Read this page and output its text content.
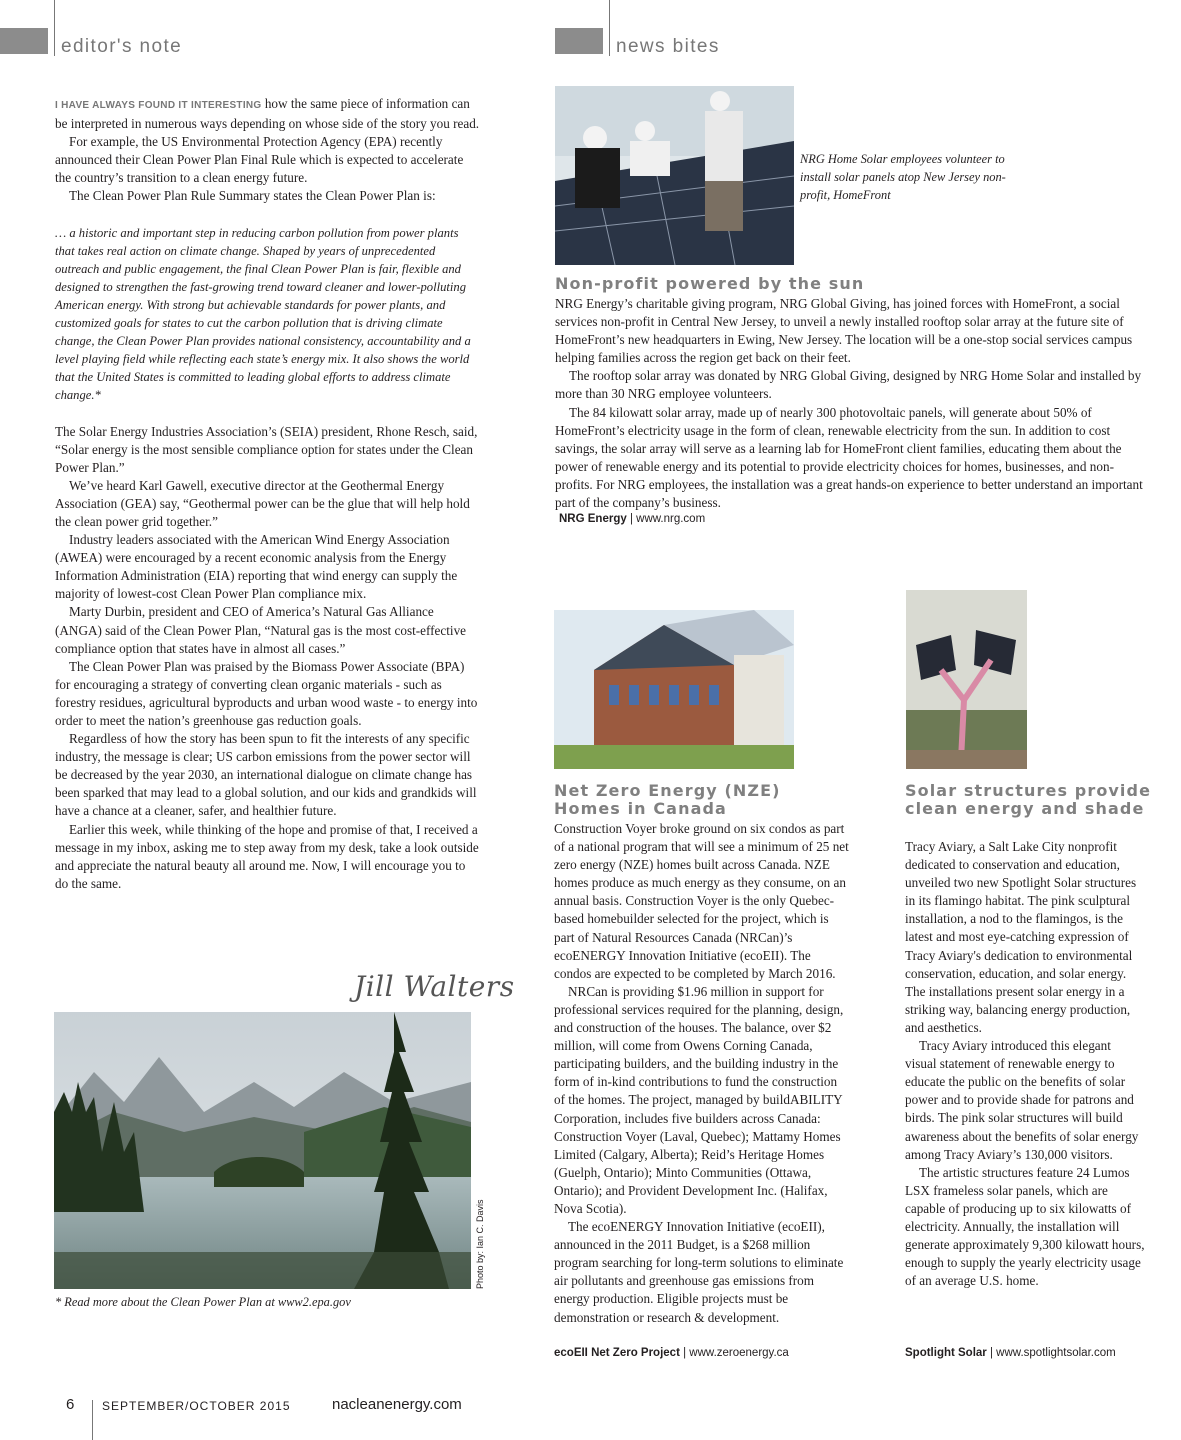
editor's note	news bites

I HAVE ALWAYS FOUND IT INTERESTING how the same piece of information can be interpreted in numerous ways depending on whose side of the story you read.

For example, the US Environmental Protection Agency (EPA) recently announced their Clean Power Plan Final Rule which is expected to accelerate the country’s transition to a clean energy future.

The Clean Power Plan Rule Summary states the Clean Power Plan is:

… a historic and important step in reducing carbon pollution from power plants that takes real action on climate change. Shaped by years of unprecedented outreach and public engagement, the final Clean Power Plan is fair, flexible and designed to strengthen the fast-growing trend toward cleaner and lower-polluting American energy. With strong but achievable standards for power plants, and customized goals for states to cut the carbon pollution that is driving climate change, the Clean Power Plan provides national consistency, accountability and a level playing field while reflecting each state’s energy mix. It also shows the world that the United States is committed to leading global efforts to address climate change.*

The Solar Energy Industries Association’s (SEIA) president, Rhone Resch, said, “Solar energy is the most sensible compliance option for states under the Clean Power Plan.”

We’ve heard Karl Gawell, executive director at the Geothermal Energy Association (GEA) say, “Geothermal power can be the glue that will help hold the clean power grid together.”

Industry leaders associated with the American Wind Energy Association (AWEA) were encouraged by a recent economic analysis from the Energy Information Administration (EIA) reporting that wind energy can supply the majority of lowest-cost Clean Power Plan compliance mix.

Marty Durbin, president and CEO of America’s Natural Gas Alliance (ANGA) said of the Clean Power Plan, “Natural gas is the most cost-effective compliance option that states have in almost all cases.”

The Clean Power Plan was praised by the Biomass Power Associate (BPA) for encouraging a strategy of converting clean organic materials - such as forestry residues, agricultural byproducts and urban wood waste - to energy into order to meet the nation’s greenhouse gas reduction goals.

Regardless of how the story has been spun to fit the interests of any specific industry, the message is clear; US carbon emissions from the power sector will be decreased by the year 2030, an international dialogue on climate change has been sparked that may lead to a global solution, and our kids and grandkids will have a chance at a cleaner, safer, and healthier future.

Earlier this week, while thinking of the hope and promise of that, I received a message in my inbox, asking me to step away from my desk, take a look outside and appreciate the natural beauty all around me. Now, I will encourage you to do the same.

Jill Walters
Photo by: Ian C. Davis
* Read more about the Clean Power Plan at www2.epa.gov
NRG Home Solar employees volunteer to install solar panels atop New Jersey non-profit, HomeFront
Non-profit powered by the sun

NRG Energy’s charitable giving program, NRG Global Giving, has joined forces with HomeFront, a social services non-profit in Central New Jersey, to unveil a newly installed rooftop solar array at the future site of HomeFront’s new headquarters in Ewing, New Jersey. The location will be a one-stop social services campus helping families across the region get back on their feet.

The rooftop solar array was donated by NRG Global Giving, designed by NRG Home Solar and installed by more than 30 NRG employee volunteers.

The 84 kilowatt solar array, made up of nearly 300 photovoltaic panels, will generate about 50% of HomeFront’s electricity usage in the form of clean, renewable electricity from the sun. In addition to cost savings, the solar array will serve as a learning lab for HomeFront client families, educating them about the power of renewable energy and its potential to provide electricity choices for homes, businesses, and non-profits. For NRG employees, the installation was a great hands-on experience to better understand an important part of the company’s business.

NRG Energy | www.nrg.com
Net Zero Energy (NZE) Homes in Canada

Construction Voyer broke ground on six condos as part of a national program that will see a minimum of 25 net zero energy (NZE) homes built across Canada. NZE homes produce as much energy as they consume, on an annual basis. Construction Voyer is the only Quebec-based homebuilder selected for the project, which is part of Natural Resources Canada (NRCan)’s ecoENERGY Innovation Initiative (ecoEII). The condos are expected to be completed by March 2016.

NRCan is providing $1.96 million in support for professional services required for the planning, design, and construction of the houses. The balance, over $2 million, will come from Owens Corning Canada, participating builders, and the building industry in the form of in-kind contributions to fund the construction of the homes. The project, managed by buildABILITY Corporation, includes five builders across Canada: Construction Voyer (Laval, Quebec); Mattamy Homes Limited (Calgary, Alberta); Reid’s Heritage Homes (Guelph, Ontario); Minto Communities (Ottawa, Ontario); and Provident Development Inc. (Halifax, Nova Scotia).

The ecoENERGY Innovation Initiative (ecoEII), announced in the 2011 Budget, is a $268 million program searching for long-term solutions to eliminate air pollutants and greenhouse gas emissions from energy production. Eligible projects must be demonstration or research & development.

ecoEII Net Zero Project | www.zeroenergy.ca
Solar structures provide clean energy and shade

Tracy Aviary, a Salt Lake City nonprofit dedicated to conservation and education, unveiled two new Spotlight Solar structures in its flamingo habitat. The pink sculptural installation, a nod to the flamingos, is the latest and most eye-catching expression of Tracy Aviary's dedication to environmental conservation, education, and solar energy. The installations present solar energy in a striking way, balancing energy production, and aesthetics.

Tracy Aviary introduced this elegant visual statement of renewable energy to educate the public on the benefits of solar power and to provide shade for patrons and birds. The pink solar structures will build awareness about the benefits of solar energy among Tracy Aviary’s 130,000 visitors.

The artistic structures feature 24 Lumos LSX frameless solar panels, which are capable of producing up to six kilowatts of electricity. Annually, the installation will generate approximately 9,300 kilowatt hours, enough to supply the yearly electricity usage of an average U.S. home.

Spotlight Solar | www.spotlightsolar.com
6 SEPTEMBER/OCTOBER 2015	nacleanenergy.com
